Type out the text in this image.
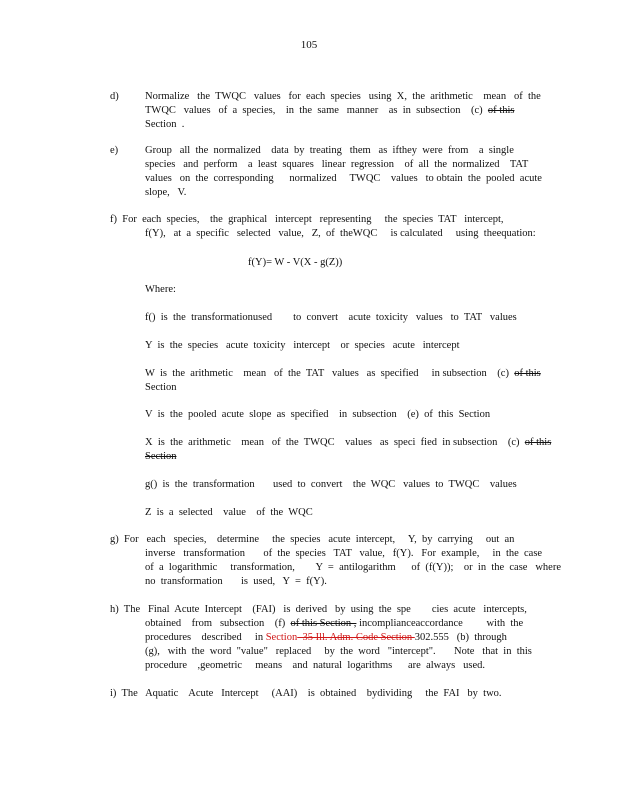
105
d)	Normalize   the  TWQC   values   for  each  species   using  X,  the  arithmetic    mean   of  the
TWQC   values   of  a  species,    in  the  same   manner    as  in  subsection    (c)  of this
Section  .
e)	Group   all  the  normalized    data  by  treating   them   as  ifthey  were  from    a  single
species   and  perform    a  least  squares   linear  regression    of  all  the  normalized    TAT
values   on  the  corresponding      normalized     TWQC    values   to obtain  the  pooled  acute
slope,   V.
f)  For  each  species,    the  graphical   intercept   representing     the  species  TAT   intercept,
f(Y),   at  a  specific   selected   value,   Z,  of  theWQC     is calculated     using  theequation:
f(Y)= W - V(X - g(Z))
Where:
f()  is  the  transformationused        to  convert    acute  toxicity   values   to  TAT   values
Y  is  the  species   acute  toxicity   intercept    or  species   acute   intercept
W  is  the  arithmetic    mean   of  the  TAT   values   as  specified     in subsection    (c)  of this
Section
V  is  the  pooled  acute  slope  as  specified    in  subsection    (e)  of  this  Section
X  is  the  arithmetic    mean   of  the  TWQC    values   as  speci  fied  in subsection    (c)  of this
Section
g()  is  the  transformation       used  to  convert    the  WQC   values  to  TWQC    values
Z  is  a  selected    value    of  the  WQC
g)  For   each   species,    determine     the  species   acute  intercept,     Y,  by  carrying     out  an
inverse   transformation       of  the  species   TAT   value,   f(Y).   For  example,     in  the  case
of  a  logarithmic     transformation,        Y  =  antilogarithm      of  (f(Y));    or  in  the  case   where
no  transformation       is  used,   Y  =  f(Y).
h)  The   Final  Acute  Intercept    (FAI)   is  derived   by  using  the  spe        cies  acute   intercepts,
obtained    from   subsection    (f)  of this Section , incomplianceaccordance         with  the
procedures    described     in Section  35 Ill. Adm. Code Section 302.555   (b)  through
(g),   with  the  word  "value"   replaced     by  the  word   "intercept".       Note   that  in  this
procedure    ,geometric     means    and  natural  logarithms      are  always   used.
i)  The   Aquatic    Acute   Intercept     (AAI)    is  obtained    bydividing     the  FAI   by  two.
